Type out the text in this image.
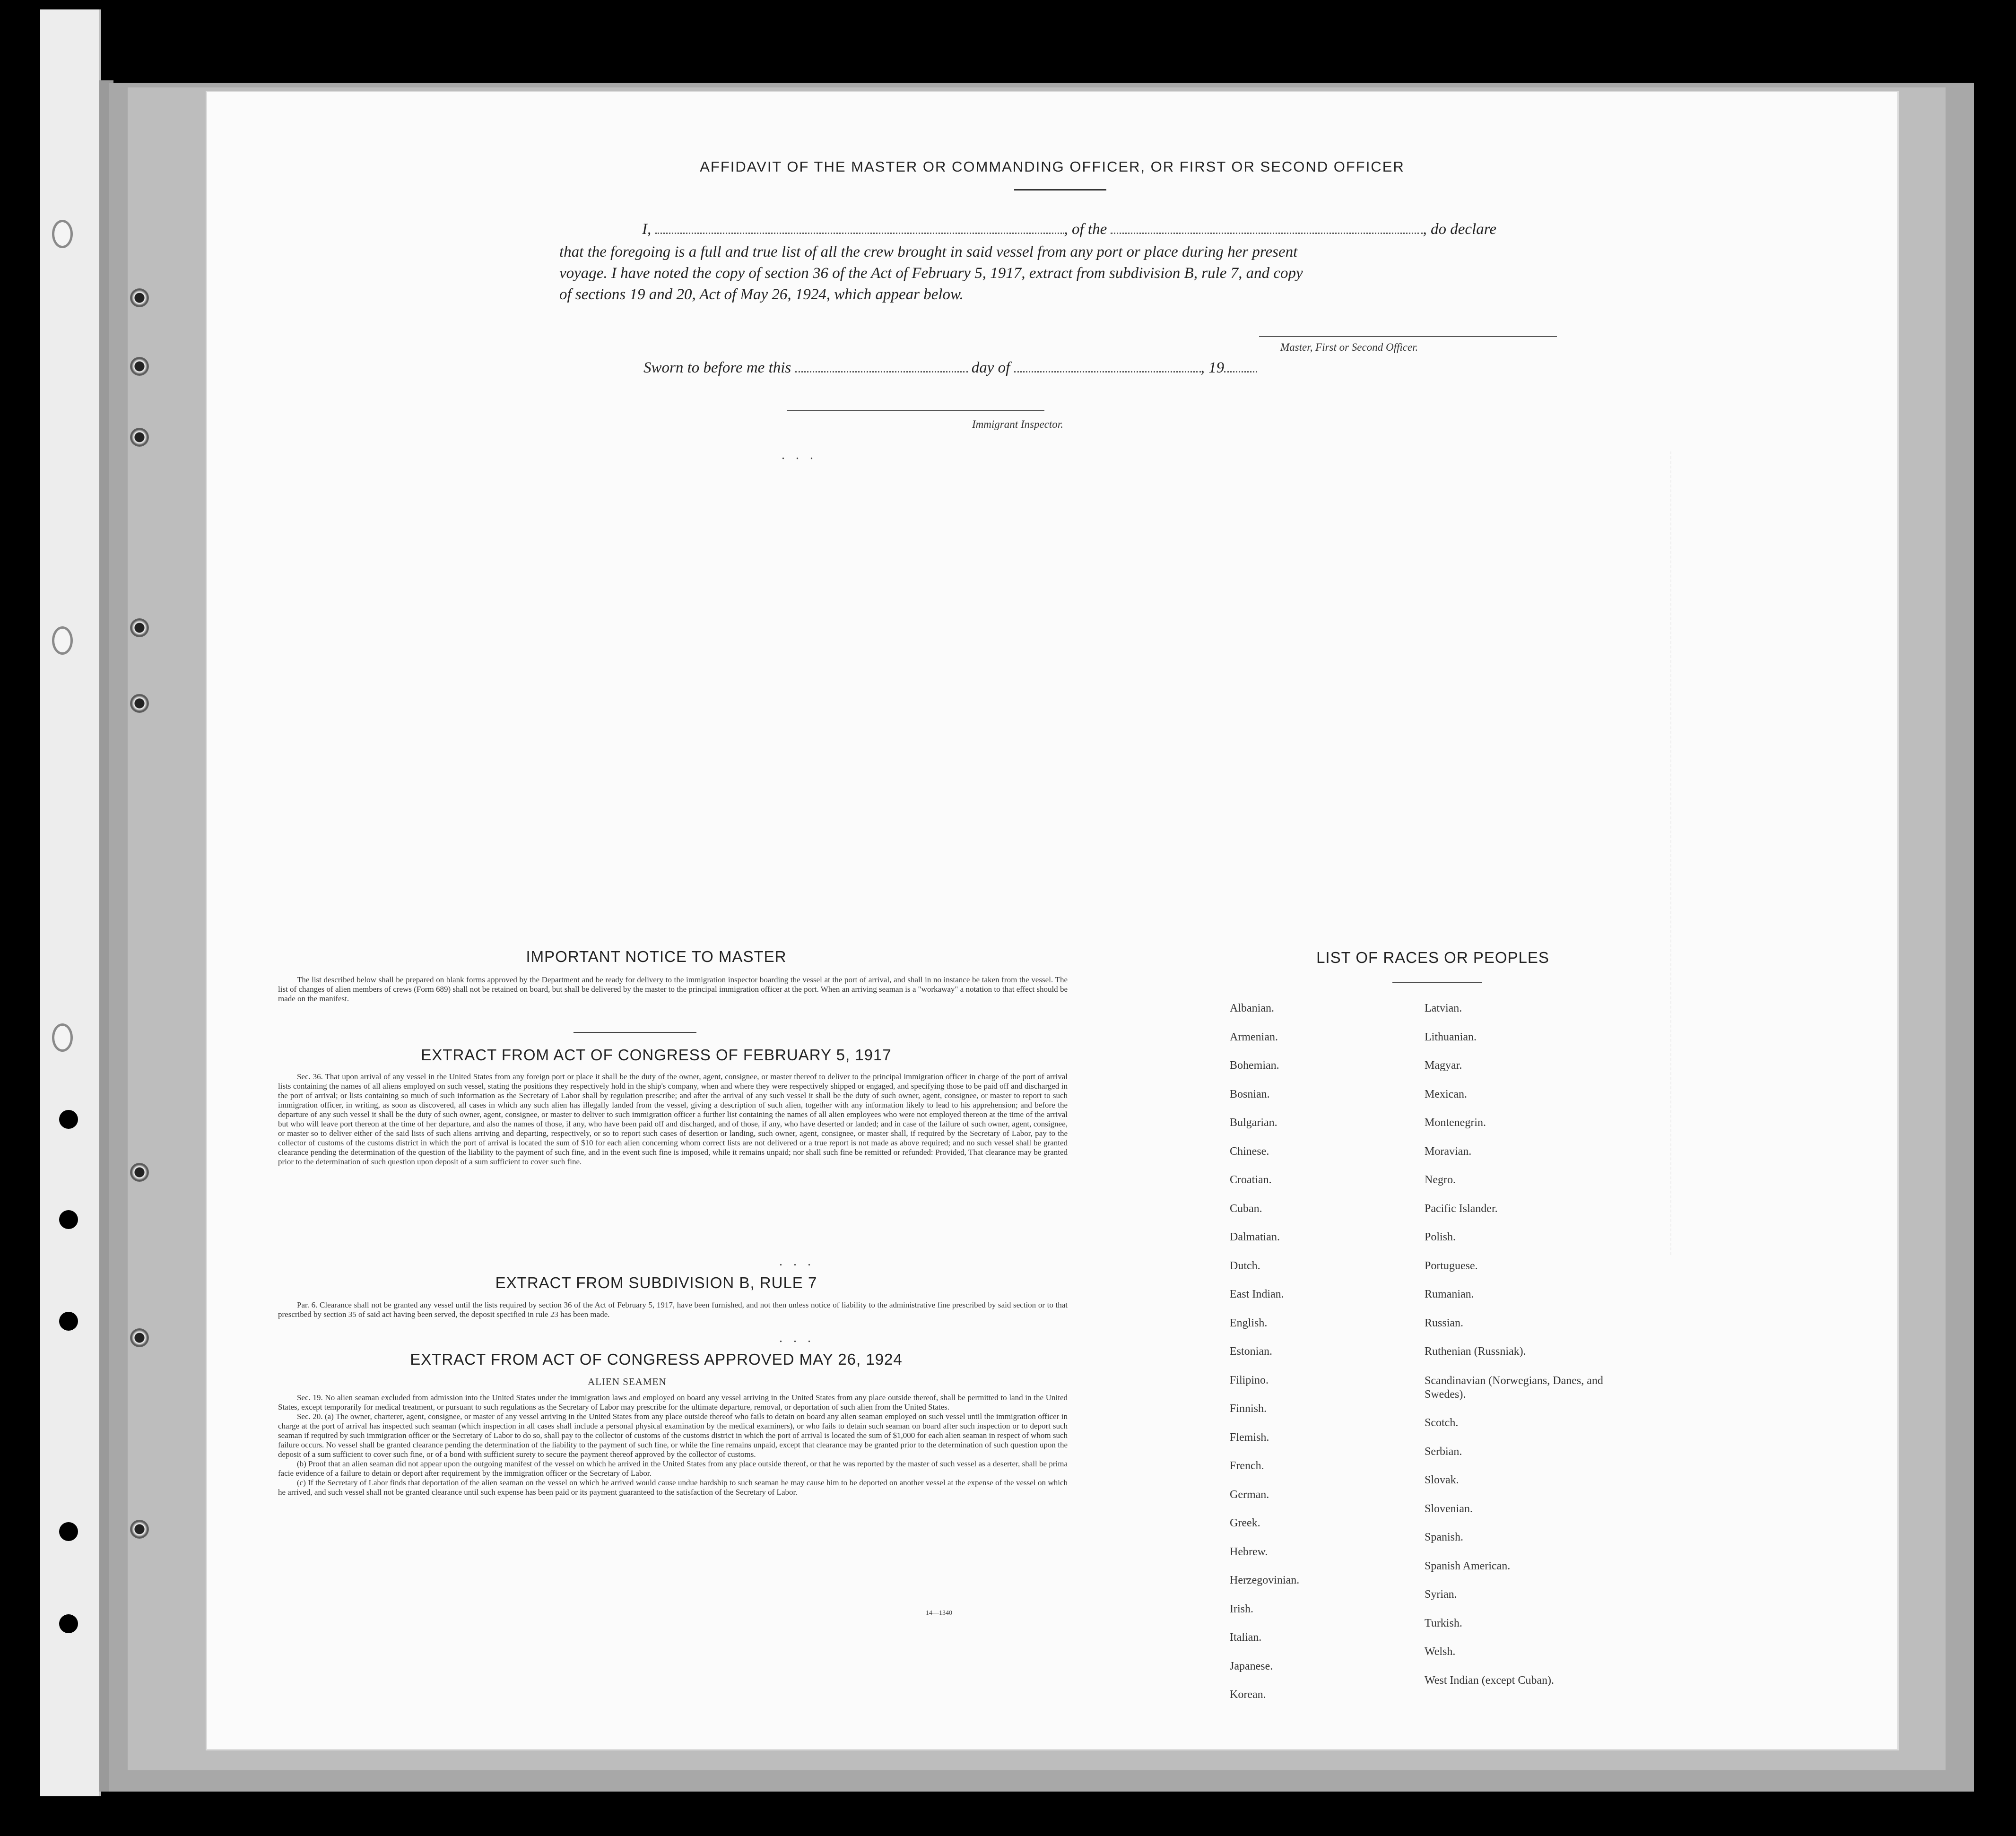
AFFIDAVIT OF THE MASTER OR COMMANDING OFFICER, OR FIRST OR SECOND OFFICER
I,	, of the	, do declare
that the foregoing is a full and true list of all the crew brought in said vessel from any port or place during her present
voyage. I have noted the copy of section 36 of the Act of February 5, 1917, extract from subdivision B, rule 7, and copy
of sections 19 and 20, Act of May 26, 1924, which appear below.
Master, First or Second Officer.
Sworn to before me this	day of	, 19
Immigrant Inspector.
. . .
IMPORTANT NOTICE TO MASTER

The list described below shall be prepared on blank forms approved by the Department and be ready for delivery to the immigration inspector boarding the vessel at the port of arrival, and shall in no instance be taken from the vessel. The list of changes of alien members of crews (Form 689) shall not be retained on board, but shall be delivered by the master to the principal immigration officer at the port. When an arriving seaman is a "workaway" a notation to that effect should be made on the manifest.

EXTRACT FROM ACT OF CONGRESS OF FEBRUARY 5, 1917

Sec. 36. That upon arrival of any vessel in the United States from any foreign port or place it shall be the duty of the owner, agent, consignee, or master thereof to deliver to the principal immigration officer in charge of the port of arrival lists containing the names of all aliens employed on such vessel, stating the positions they respectively hold in the ship's company, when and where they were respectively shipped or engaged, and specifying those to be paid off and discharged in the port of arrival; or lists containing so much of such information as the Secretary of Labor shall by regulation prescribe; and after the arrival of any such vessel it shall be the duty of such owner, agent, consignee, or master to report to such immigration officer, in writing, as soon as discovered, all cases in which any such alien has illegally landed from the vessel, giving a description of such alien, together with any information likely to lead to his apprehension; and before the departure of any such vessel it shall be the duty of such owner, agent, consignee, or master to deliver to such immigration officer a further list containing the names of all alien employees who were not employed thereon at the time of the arrival but who will leave port thereon at the time of her departure, and also the names of those, if any, who have been paid off and discharged, and of those, if any, who have deserted or landed; and in case of the failure of such owner, agent, consignee, or master so to deliver either of the said lists of such aliens arriving and departing, respectively, or so to report such cases of desertion or landing, such owner, agent, consignee, or master shall, if required by the Secretary of Labor, pay to the collector of customs of the customs district in which the port of arrival is located the sum of $10 for each alien concerning whom correct lists are not delivered or a true report is not made as above required; and no such vessel shall be granted clearance pending the determination of the question of the liability to the payment of such fine, and in the event such fine is imposed, while it remains unpaid; nor shall such fine be remitted or refunded: Provided, That clearance may be granted prior to the determination of such question upon deposit of a sum sufficient to cover such fine.

. . .
EXTRACT FROM SUBDIVISION B, RULE 7

Par. 6. Clearance shall not be granted any vessel until the lists required by section 36 of the Act of February 5, 1917, have been furnished, and not then unless notice of liability to the administrative fine prescribed by said section or to that prescribed by section 35 of said act having been served, the deposit specified in rule 23 has been made.

. . .
EXTRACT FROM ACT OF CONGRESS APPROVED MAY 26, 1924
ALIEN SEAMEN

Sec. 19. No alien seaman excluded from admission into the United States under the immigration laws and employed on board any vessel arriving in the United States from any place outside thereof, shall be permitted to land in the United States, except temporarily for medical treatment, or pursuant to such regulations as the Secretary of Labor may prescribe for the ultimate departure, removal, or deportation of such alien from the United States.

Sec. 20. (a) The owner, charterer, agent, consignee, or master of any vessel arriving in the United States from any place outside thereof who fails to detain on board any alien seaman employed on such vessel until the immigration officer in charge at the port of arrival has inspected such seaman (which inspection in all cases shall include a personal physical examination by the medical examiners), or who fails to detain such seaman on board after such inspection or to deport such seaman if required by such immigration officer or the Secretary of Labor to do so, shall pay to the collector of customs of the customs district in which the port of arrival is located the sum of $1,000 for each alien seaman in respect of whom such failure occurs. No vessel shall be granted clearance pending the determination of the liability to the payment of such fine, or while the fine remains unpaid, except that clearance may be granted prior to the determination of such question upon the deposit of a sum sufficient to cover such fine, or of a bond with sufficient surety to secure the payment thereof approved by the collector of customs.

(b) Proof that an alien seaman did not appear upon the outgoing manifest of the vessel on which he arrived in the United States from any place outside thereof, or that he was reported by the master of such vessel as a deserter, shall be prima facie evidence of a failure to detain or deport after requirement by the immigration officer or the Secretary of Labor.

(c) If the Secretary of Labor finds that deportation of the alien seaman on the vessel on which he arrived would cause undue hardship to such seaman he may cause him to be deported on another vessel at the expense of the vessel on which he arrived, and such vessel shall not be granted clearance until such expense has been paid or its payment guaranteed to the satisfaction of the Secretary of Labor.

14—1340
LIST OF RACES OR PEOPLES
Albanian.
Armenian.
Bohemian.
Bosnian.
Bulgarian.
Chinese.
Croatian.
Cuban.
Dalmatian.
Dutch.
East Indian.
English.
Estonian.
Filipino.
Finnish.
Flemish.
French.
German.
Greek.
Hebrew.
Herzegovinian.
Irish.
Italian.
Japanese.
Korean.
Latvian.
Lithuanian.
Magyar.
Mexican.
Montenegrin.
Moravian.
Negro.
Pacific Islander.
Polish.
Portuguese.
Rumanian.
Russian.
Ruthenian (Russniak).
Scandinavian (Norwegians, Danes, and Swedes).
Scotch.
Serbian.
Slovak.
Slovenian.
Spanish.
Spanish American.
Syrian.
Turkish.
Welsh.
West Indian (except Cuban).
